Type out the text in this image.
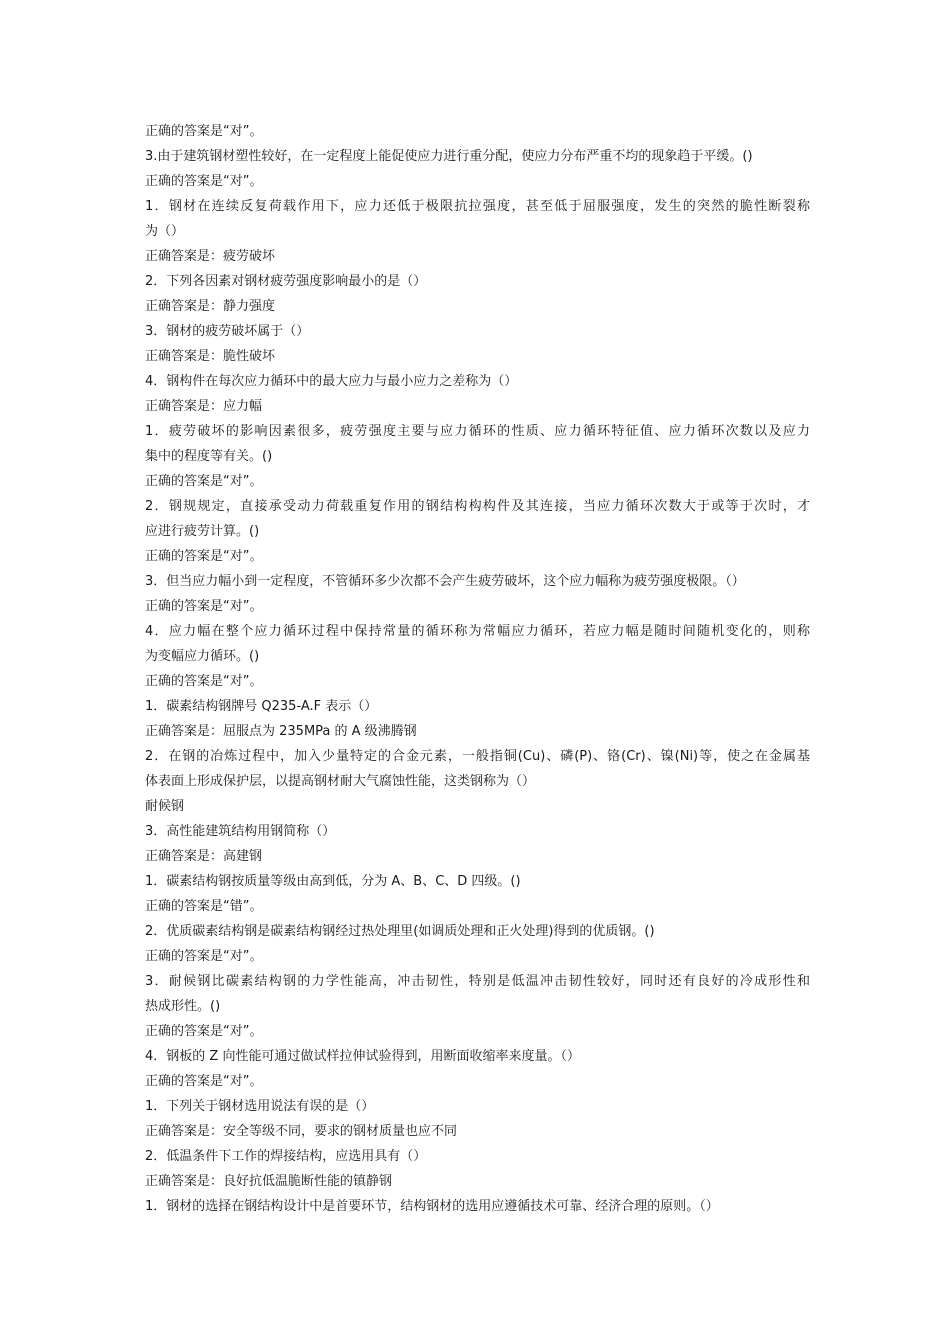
正确的答案是“对”。
3.由于建筑钢材塑性较好，在一定程度上能促使应力进行重分配，使应力分布严重不均的现象趋于平缓。()
正确的答案是“对”。
1．钢材在连续反复荷载作用下，应力还低于极限抗拉强度，甚至低于屈服强度，发生的突然的脆性断裂称
为（）
正确答案是：疲劳破坏
2．下列各因素对钢材疲劳强度影响最小的是（）
正确答案是：静力强度
3．钢材的疲劳破坏属于（）
正确答案是：脆性破坏
4．钢构件在每次应力循环中的最大应力与最小应力之差称为（）
正确答案是：应力幅
1．疲劳破坏的影响因素很多，疲劳强度主要与应力循环的性质、应力循环特征值、应力循环次数以及应力
集中的程度等有关。()
正确的答案是“对”。
2．钢规规定，直接承受动力荷载重复作用的钢结构构构件及其连接，当应力循环次数大于或等于次时，才
应进行疲劳计算。()
正确的答案是“对”。
3．但当应力幅小到一定程度，不管循环多少次都不会产生疲劳破坏，这个应力幅称为疲劳强度极限。（）
正确的答案是“对”。
4．应力幅在整个应力循环过程中保持常量的循环称为常幅应力循环，若应力幅是随时间随机变化的，则称
为变幅应力循环。()
正确的答案是“对”。
1．碳素结构钢牌号 Q235-A.F 表示（）
正确答案是：屈服点为 235MPa 的 A 级沸腾钢
2．在钢的冶炼过程中，加入少量特定的合金元素，一般指铜(Cu)、磷(P)、铬(Cr)、镍(Ni)等，使之在金属基
体表面上形成保护层，以提高钢材耐大气腐蚀性能，这类钢称为（）
耐候钢
3．高性能建筑结构用钢简称（）
正确答案是：高建钢
1．碳素结构钢按质量等级由高到低，分为 A、B、C、D 四级。()
正确的答案是“错”。
2．优质碳素结构钢是碳素结构钢经过热处理里(如调质处理和正火处理)得到的优质钢。()
正确的答案是“对”。
3．耐候钢比碳素结构钢的力学性能高，冲击韧性，特别是低温冲击韧性较好，同时还有良好的冷成形性和
热成形性。()
正确的答案是“对”。
4．钢板的 Z 向性能可通过做试样拉伸试验得到，用断面收缩率来度量。（）
正确的答案是“对”。
1．下列关于钢材选用说法有误的是（）
正确答案是：安全等级不同，要求的钢材质量也应不同
2．低温条件下工作的焊接结构，应选用具有（）
正确答案是：良好抗低温脆断性能的镇静钢
1．钢材的选择在钢结构设计中是首要环节，结构钢材的选用应遵循技术可靠、经济合理的原则。（）
